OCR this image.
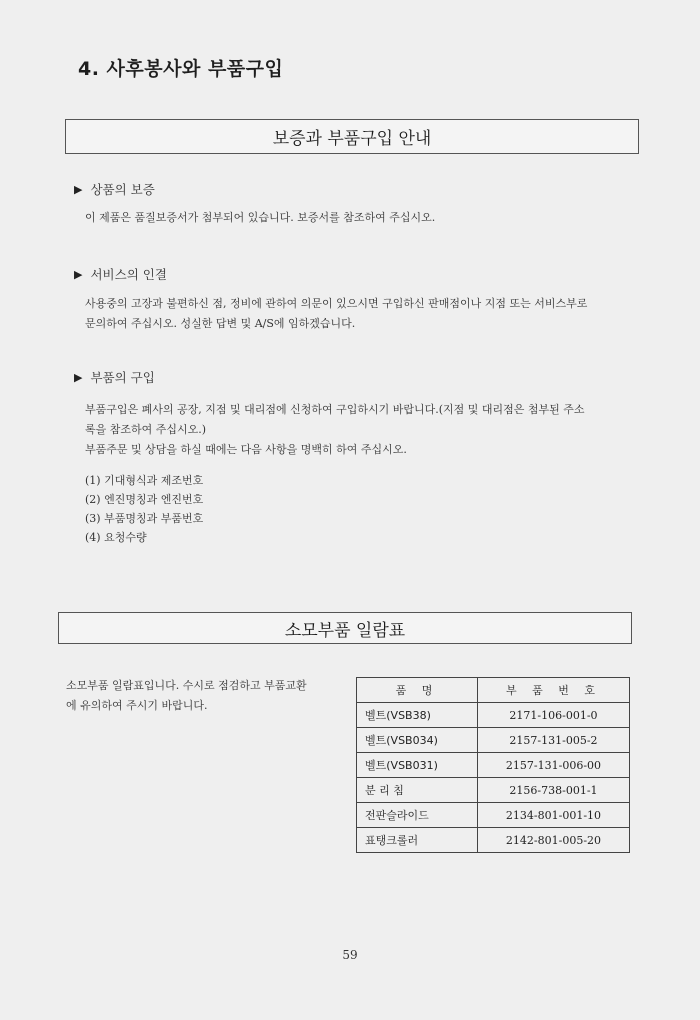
4. 사후봉사와 부품구입
보증과 부품구입 안내
▶ 상품의 보증
이 제품은 품질보증서가 첨부되어 있습니다. 보증서를 참조하여 주십시오.
▶ 서비스의 인결
사용중의 고장과 불편하신 점, 정비에 관하여 의문이 있으시면 구입하신 판매점이나 지점 또는 서비스부로
문의하여 주십시오. 성실한 답변 및 A/S에 임하겠습니다.
▶ 부품의 구입
부품구입은 폐사의 공장, 지점 및 대리점에 신청하여 구입하시기 바랍니다.(지점 및 대리점은 첨부된 주소
록을 참조하여 주십시오.)
부품주문 및 상담을 하실 때에는 다음 사항을 명백히 하여 주십시오.
(1) 기대형식과 제조번호
(2) 엔진명칭과 엔진번호
(3) 부품명칭과 부품번호
(4) 요청수량
소모부품 일람표
소모부품 일람표입니다. 수시로 점검하고 부품교환
에 유의하여 주시기 바랍니다.
품 명	부 품 번 호
벨트(VSB38)	2171-106-001-0
벨트(VSB034)	2157-131-005-2
벨트(VSB031)	2157-131-006-00
분 리 침	2156-738-001-1
전판슬라이드	2134-801-001-10
표탱크롤러	2142-801-005-20
59
